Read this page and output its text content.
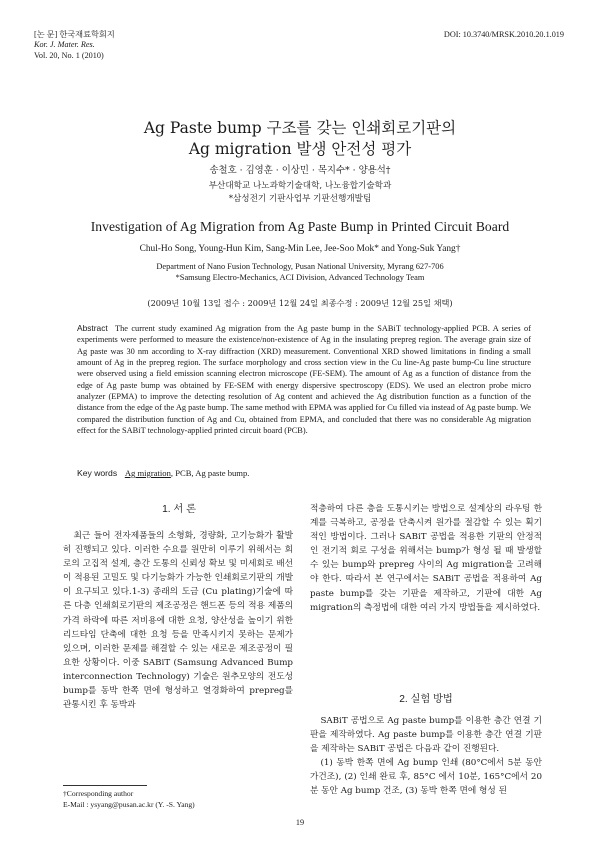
[논 문] 한국재료학회지
Kor. J. Mater. Res.
Vol. 20, No. 1 (2010)
DOI: 10.3740/MRSK.2010.20.1.019
Ag Paste bump 구조를 갖는 인쇄회로기판의
Ag migration 발생 안전성 평가
송철호 · 김영훈 · 이상민 · 목지수* · 양용석†
부산대학교 나노과학기술대학, 나노융합기술학과
*삼성전기 기판사업부 기판선행개발팀
Investigation of Ag Migration from Ag Paste Bump in Printed Circuit Board
Chul-Ho Song, Young-Hun Kim, Sang-Min Lee, Jee-Soo Mok* and Yong-Suk Yang†
Department of Nano Fusion Technology, Pusan National University, Myrang 627-706
*Samsung Electro-Mechanics, ACI Division, Advanced Technology Team
(2009년 10월 13일 접수 : 2009년 12월 24일 최종수정 : 2009년 12월 25일 채택)
Abstract The current study examined Ag migration from the Ag paste bump in the SABiT technology-applied PCB. A series of experiments were performed to measure the existence/non-existence of Ag in the insulating prepreg region. The average grain size of Ag paste was 30 nm according to X-ray diffraction (XRD) measurement. Conventional XRD showed limitations in finding a small amount of Ag in the prepreg region. The surface morphology and cross section view in the Cu line-Ag paste bump-Cu line structure were observed using a field emission scanning electron microscope (FE-SEM). The amount of Ag as a function of distance from the edge of Ag paste bump was obtained by FE-SEM with energy dispersive spectroscopy (EDS). We used an electron probe micro analyzer (EPMA) to improve the detecting resolution of Ag content and achieved the Ag distribution function as a function of the distance from the edge of the Ag paste bump. The same method with EPMA was applied for Cu filled via instead of Ag paste bump. We compared the distribution function of Ag and Cu, obtained from EPMA, and concluded that there was no considerable Ag migration effect for the SABiT technology-applied printed circuit board (PCB).
Key words Ag migration, PCB, Ag paste bump.
1. 서 론

최근 들어 전자제품들의 소형화, 경량화, 고기능화가 활발히 진행되고 있다. 이러한 수요를 원만히 이루기 위해서는 회로의 고집적 설계, 층간 도통의 신뢰성 확보 및 미세회로 배선이 적용된 고밀도 및 다기능화가 가능한 인쇄회로기판의 개발이 요구되고 있다.1-3) 종래의 도금 (Cu plating)기술에 따른 다층 인쇄회로기판의 제조공정은 핸드폰 등의 적용 제품의 가격 하락에 따른 저비용에 대한 요청, 양산성을 높이기 위한 리드타임 단축에 대한 요청 등을 만족시키지 못하는 문제가 있으며, 이러한 문제를 해결할 수 있는 새로운 제조공정이 필요한 상황이다. 이중 SABiT (Samsung Advanced Bump interconnection Technology) 기술은 원추모양의 전도성 bump를 동박 한쪽 면에 형성하고 열경화하여 prepreg를 관통시킨 후 동박과

적층하여 다른 층을 도통시키는 방법으로 설계상의 라우팅 한계를 극복하고, 공정을 단축시켜 원가를 절감할 수 있는 획기적인 방법이다. 그러나 SABiT 공법을 적용한 기판의 안정적인 전기적 회로 구성을 위해서는 bump가 형성 될 때 발생할 수 있는 bump와 prepreg 사이의 Ag migration을 고려해야 한다. 따라서 본 연구에서는 SABiT 공법을 적용하여 Ag paste bump를 갖는 기판을 제작하고, 기판에 대한 Ag migration의 측정법에 대한 여러 가지 방법들을 제시하였다.

2. 실험 방법

SABiT 공법으로 Ag paste bump를 이용한 층간 연결 기판을 제작하였다. Ag paste bump를 이용한 층간 연결 기판을 제작하는 SABiT 공법은 다음과 같이 진행된다.

(1) 동박 한쪽 면에 Ag bump 인쇄 (80°C에서 5분 동안 가건조), (2) 인쇄 완료 후, 85°C 에서 10분, 165°C에서 20분 동안 Ag bump 건조, (3) 동박 한쪽 면에 형성 된

†Corresponding author
E-Mail : ysyang@pusan.ac.kr (Y. -S. Yang)
19
